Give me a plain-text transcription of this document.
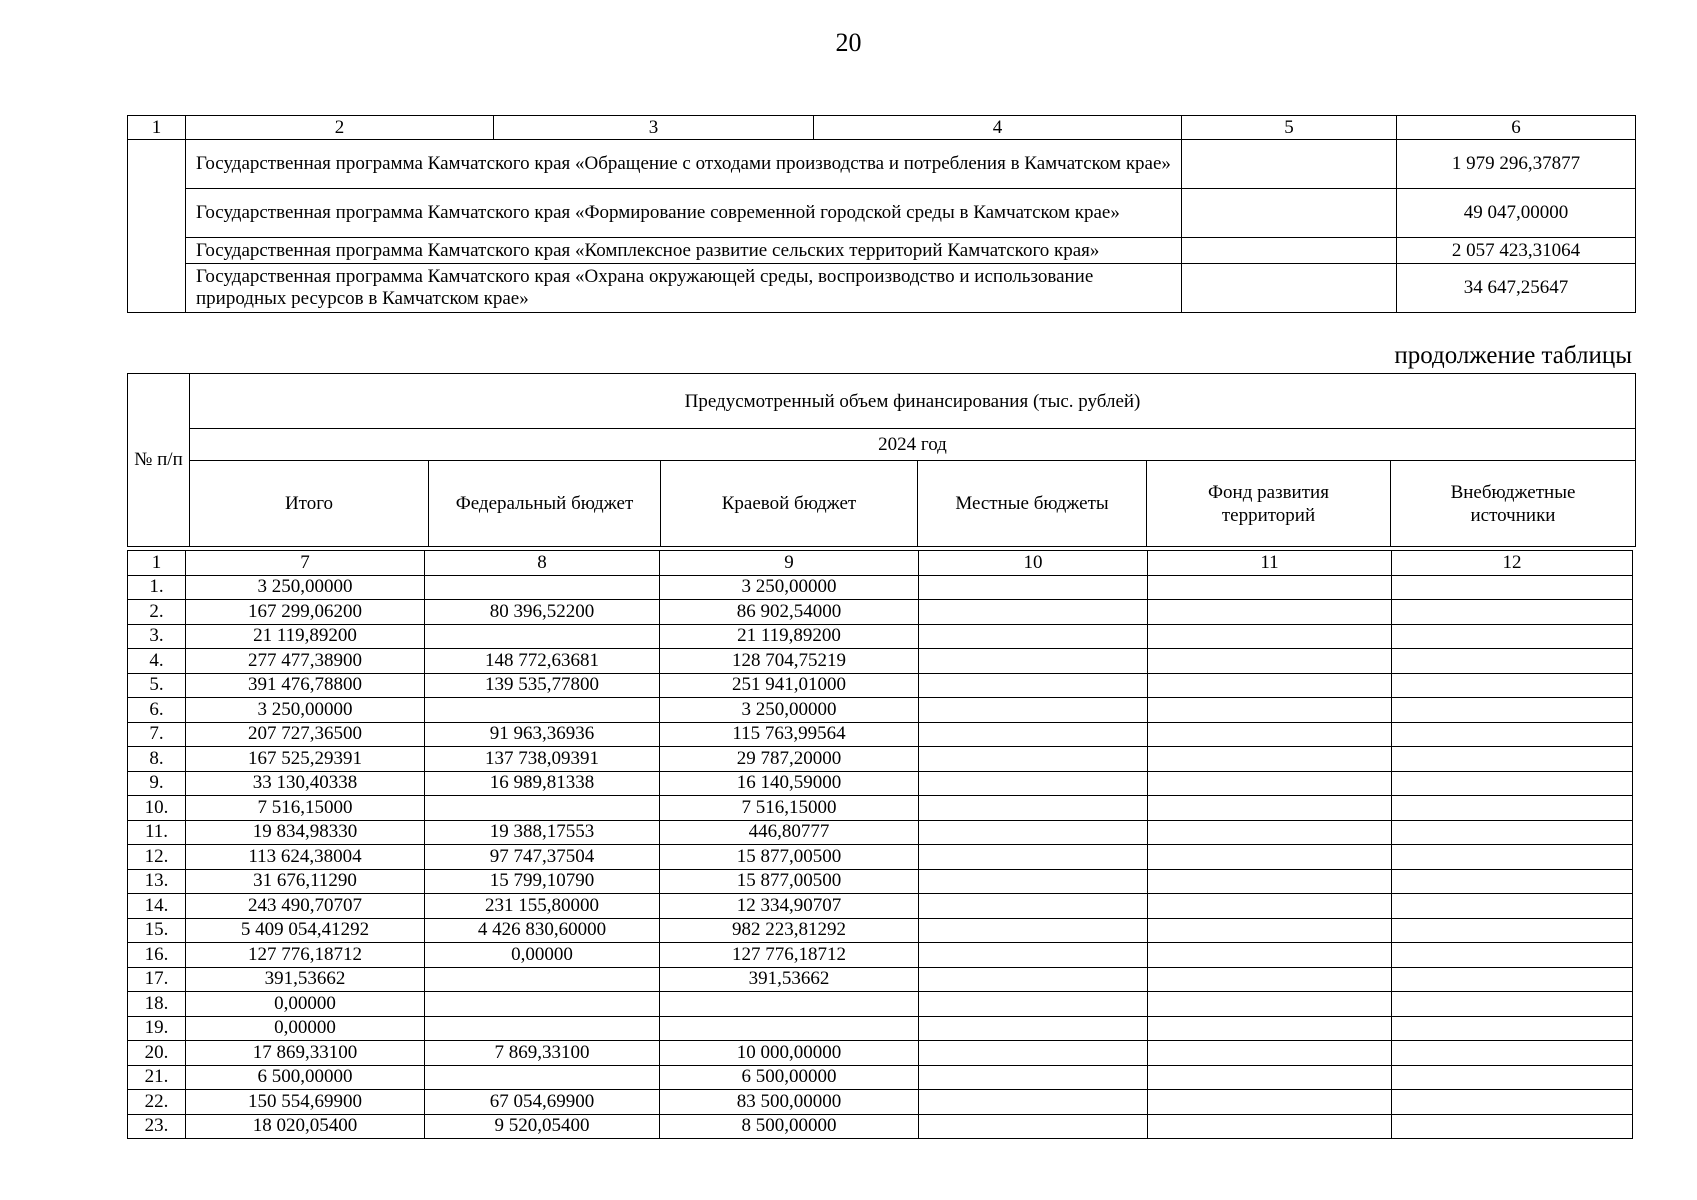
20
1	2	3	4	5	6
	Государственная программа Камчатского края «Обращение с отходами производства и потребления в Камчатском крае»				1 979 296,37877
	Государственная программа Камчатского края «Формирование современной городской среды в Камчатском крае»				49 047,00000
	Государственная программа Камчатского края «Комплексное развитие сельских территорий Камчатского края»				2 057 423,31064
	Государственная программа Камчатского края «Охрана окружающей среды, воспроизводство и использование природных ресурсов в Камчатском крае»				34 647,25647
продолжение таблицы
№ п/п	Предусмотренный объем финансирования (тыс. рублей)					
	2024 год					
	Итого	Федеральный бюджет	Краевой бюджет	Местные бюджеты	Фонд развития территорий	Внебюджетные источники
1	7	8	9	10	11	12
1.	3 250,00000		3 250,00000			
2.	167 299,06200	80 396,52200	86 902,54000			
3.	21 119,89200		21 119,89200			
4.	277 477,38900	148 772,63681	128 704,75219			
5.	391 476,78800	139 535,77800	251 941,01000			
6.	3 250,00000		3 250,00000			
7.	207 727,36500	91 963,36936	115 763,99564			
8.	167 525,29391	137 738,09391	29 787,20000			
9.	33 130,40338	16 989,81338	16 140,59000			
10.	7 516,15000		7 516,15000			
11.	19 834,98330	19 388,17553	446,80777			
12.	113 624,38004	97 747,37504	15 877,00500			
13.	31 676,11290	15 799,10790	15 877,00500			
14.	243 490,70707	231 155,80000	12 334,90707			
15.	5 409 054,41292	4 426 830,60000	982 223,81292			
16.	127 776,18712	0,00000	127 776,18712			
17.	391,53662		391,53662			
18.	0,00000					
19.	0,00000					
20.	17 869,33100	7 869,33100	10 000,00000			
21.	6 500,00000		6 500,00000			
22.	150 554,69900	67 054,69900	83 500,00000			
23.	18 020,05400	9 520,05400	8 500,00000			
